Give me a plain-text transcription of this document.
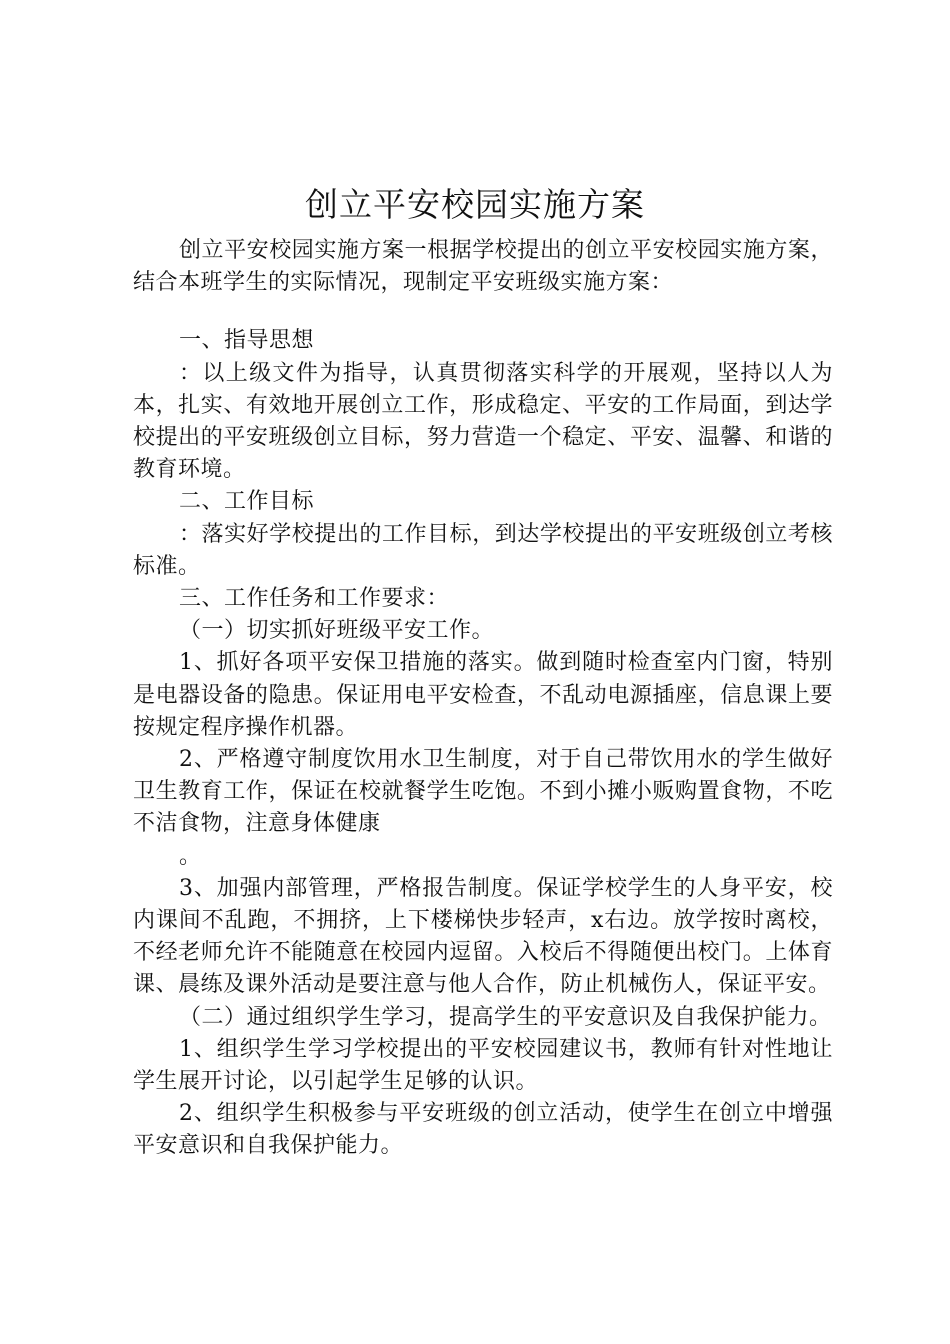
创立平安校园实施方案

创立平安校园实施方案一根据学校提出的创立平安校园实施方案，结合本班学生的实际情况，现制定平安班级实施方案：

一、指导思想

：以上级文件为指导，认真贯彻落实科学的开展观，坚持以人为本，扎实、有效地开展创立工作，形成稳定、平安的工作局面，到达学校提出的平安班级创立目标，努力营造一个稳定、平安、温馨、和谐的教育环境。

二、工作目标

：落实好学校提出的工作目标，到达学校提出的平安班级创立考核标准。

三、工作任务和工作要求：

（一）切实抓好班级平安工作。

1、抓好各项平安保卫措施的落实。做到随时检查室内门窗，特别是电器设备的隐患。保证用电平安检查，不乱动电源插座，信息课上要按规定程序操作机器。

2、严格遵守制度饮用水卫生制度，对于自己带饮用水的学生做好卫生教育工作，保证在校就餐学生吃饱。不到小摊小贩购置食物，不吃不洁食物，注意身体健康

。

3、加强内部管理，严格报告制度。保证学校学生的人身平安，校内课间不乱跑，不拥挤，上下楼梯快步轻声，x右边。放学按时离校，不经老师允许不能随意在校园内逗留。入校后不得随便出校门。上体育课、晨练及课外活动是要注意与他人合作，防止机械伤人，保证平安。

（二）通过组织学生学习，提高学生的平安意识及自我保护能力。

1、组织学生学习学校提出的平安校园建议书，教师有针对性地让学生展开讨论，以引起学生足够的认识。

2、组织学生积极参与平安班级的创立活动，使学生在创立中增强平安意识和自我保护能力。
